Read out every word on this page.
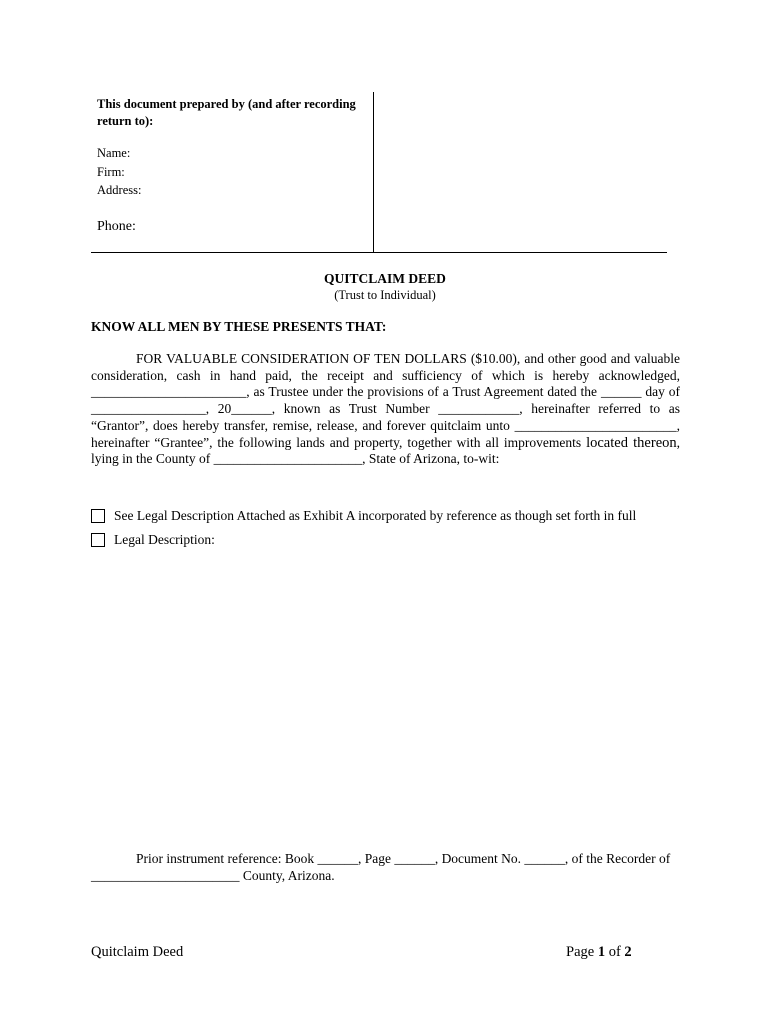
This document prepared by (and after recording return to):
Name:
Firm:
Address:
Phone:
QUITCLAIM DEED
(Trust to Individual)
KNOW ALL MEN BY THESE PRESENTS THAT:
FOR VALUABLE CONSIDERATION OF TEN DOLLARS ($10.00), and other good and valuable consideration, cash in hand paid, the receipt and sufficiency of which is hereby acknowledged, _______________________, as Trustee under the provisions of a Trust Agreement dated the ______ day of _________________, 20______, known as Trust Number ____________, hereinafter referred to as “Grantor”, does hereby transfer, remise, release, and forever quitclaim unto ________________________, hereinafter “Grantee”, the following lands and property, together with all improvements located thereon, lying in the County of ______________________, State of Arizona, to-wit:
See Legal Description Attached as Exhibit A incorporated by reference as though set forth in full
Legal Description:
Prior instrument reference: Book ______, Page ______, Document No. ______, of the Recorder of ______________________ County, Arizona.
Quitclaim Deed	Page 1 of 2
